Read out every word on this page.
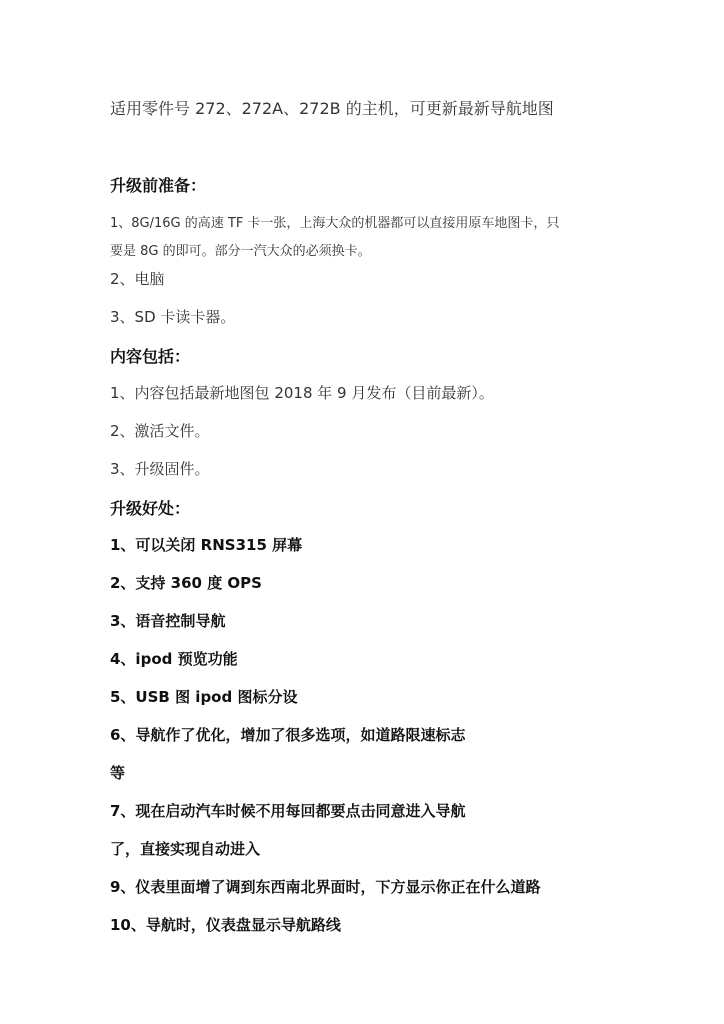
适用零件号 272、272A、272B 的主机，可更新最新导航地图

升级前准备：

1、8G/16G 的高速 TF 卡一张，上海大众的机器都可以直接用原车地图卡，只

要是 8G 的即可。部分一汽大众的必须换卡。

2、电脑

3、SD 卡读卡器。

内容包括：

1、内容包括最新地图包 2018 年 9 月发布（目前最新）。

2、激活文件。

3、升级固件。

升级好处：

1、可以关闭 RNS315 屏幕

2、支持 360 度 OPS

3、语音控制导航

4、ipod 预览功能

5、USB 图 ipod 图标分设

6、导航作了优化，增加了很多选项，如道路限速标志

等

7、现在启动汽车时候不用每回都要点击同意进入导航

了，直接实现自动进入

9、仪表里面增了调到东西南北界面时，下方显示你正在什么道路

10、导航时，仪表盘显示导航路线
